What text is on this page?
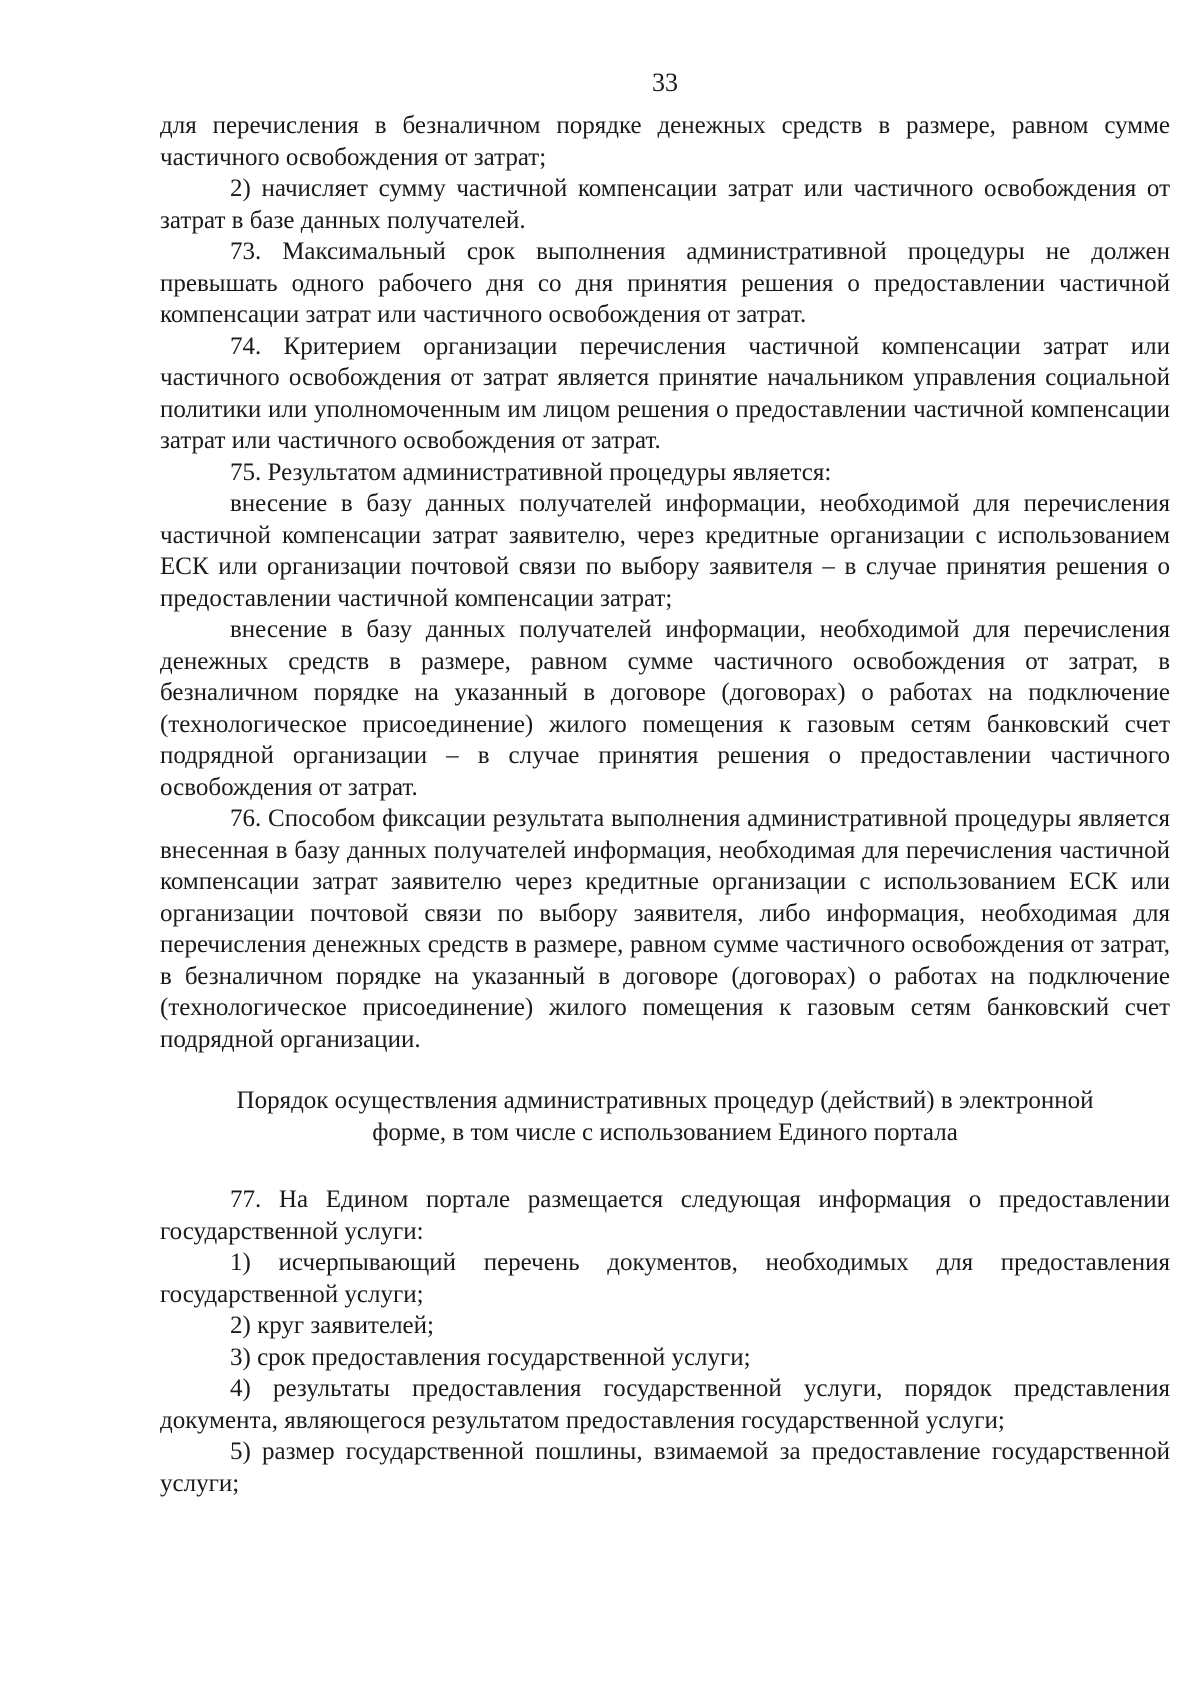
33

для перечисления в безналичном порядке денежных средств в размере, равном сумме частичного освобождения от затрат;

2) начисляет сумму частичной компенсации затрат или частичного освобождения от затрат в базе данных получателей.

73. Максимальный срок выполнения административной процедуры не должен превышать одного рабочего дня со дня принятия решения о предоставлении частичной компенсации затрат или частичного освобождения от затрат.

74. Критерием организации перечисления частичной компенсации затрат или частичного освобождения от затрат является принятие начальником управления социальной политики или уполномоченным им лицом решения о предоставлении частичной компенсации затрат или частичного освобождения от затрат.

75. Результатом административной процедуры является:

внесение в базу данных получателей информации, необходимой для перечисления частичной компенсации затрат заявителю, через кредитные организации с использованием ЕСК или организации почтовой связи по выбору заявителя – в случае принятия решения о предоставлении частичной компенсации затрат;

внесение в базу данных получателей информации, необходимой для перечисления денежных средств в размере, равном сумме частичного освобождения от затрат, в безналичном порядке на указанный в договоре (договорах) о работах на подключение (технологическое присоединение) жилого помещения к газовым сетям банковский счет подрядной организации – в случае принятия решения о предоставлении частичного освобождения от затрат.

76. Способом фиксации результата выполнения административной процедуры является внесенная в базу данных получателей информация, необходимая для перечисления частичной компенсации затрат заявителю через кредитные организации с использованием ЕСК или организации почтовой связи по выбору заявителя, либо информация, необходимая для перечисления денежных средств в размере, равном сумме частичного освобождения от затрат, в безналичном порядке на указанный в договоре (договорах) о работах на подключение (технологическое присоединение) жилого помещения к газовым сетям банковский счет подрядной организации.

Порядок осуществления административных процедур (действий) в электронной
форме, в том числе с использованием Единого портала

77. На Едином портале размещается следующая информация о предоставлении государственной услуги:

1) исчерпывающий перечень документов, необходимых для предоставления государственной услуги;

2) круг заявителей;

3) срок предоставления государственной услуги;

4) результаты предоставления государственной услуги, порядок представления документа, являющегося результатом предоставления государственной услуги;

5) размер государственной пошлины, взимаемой за предоставление государственной услуги;
